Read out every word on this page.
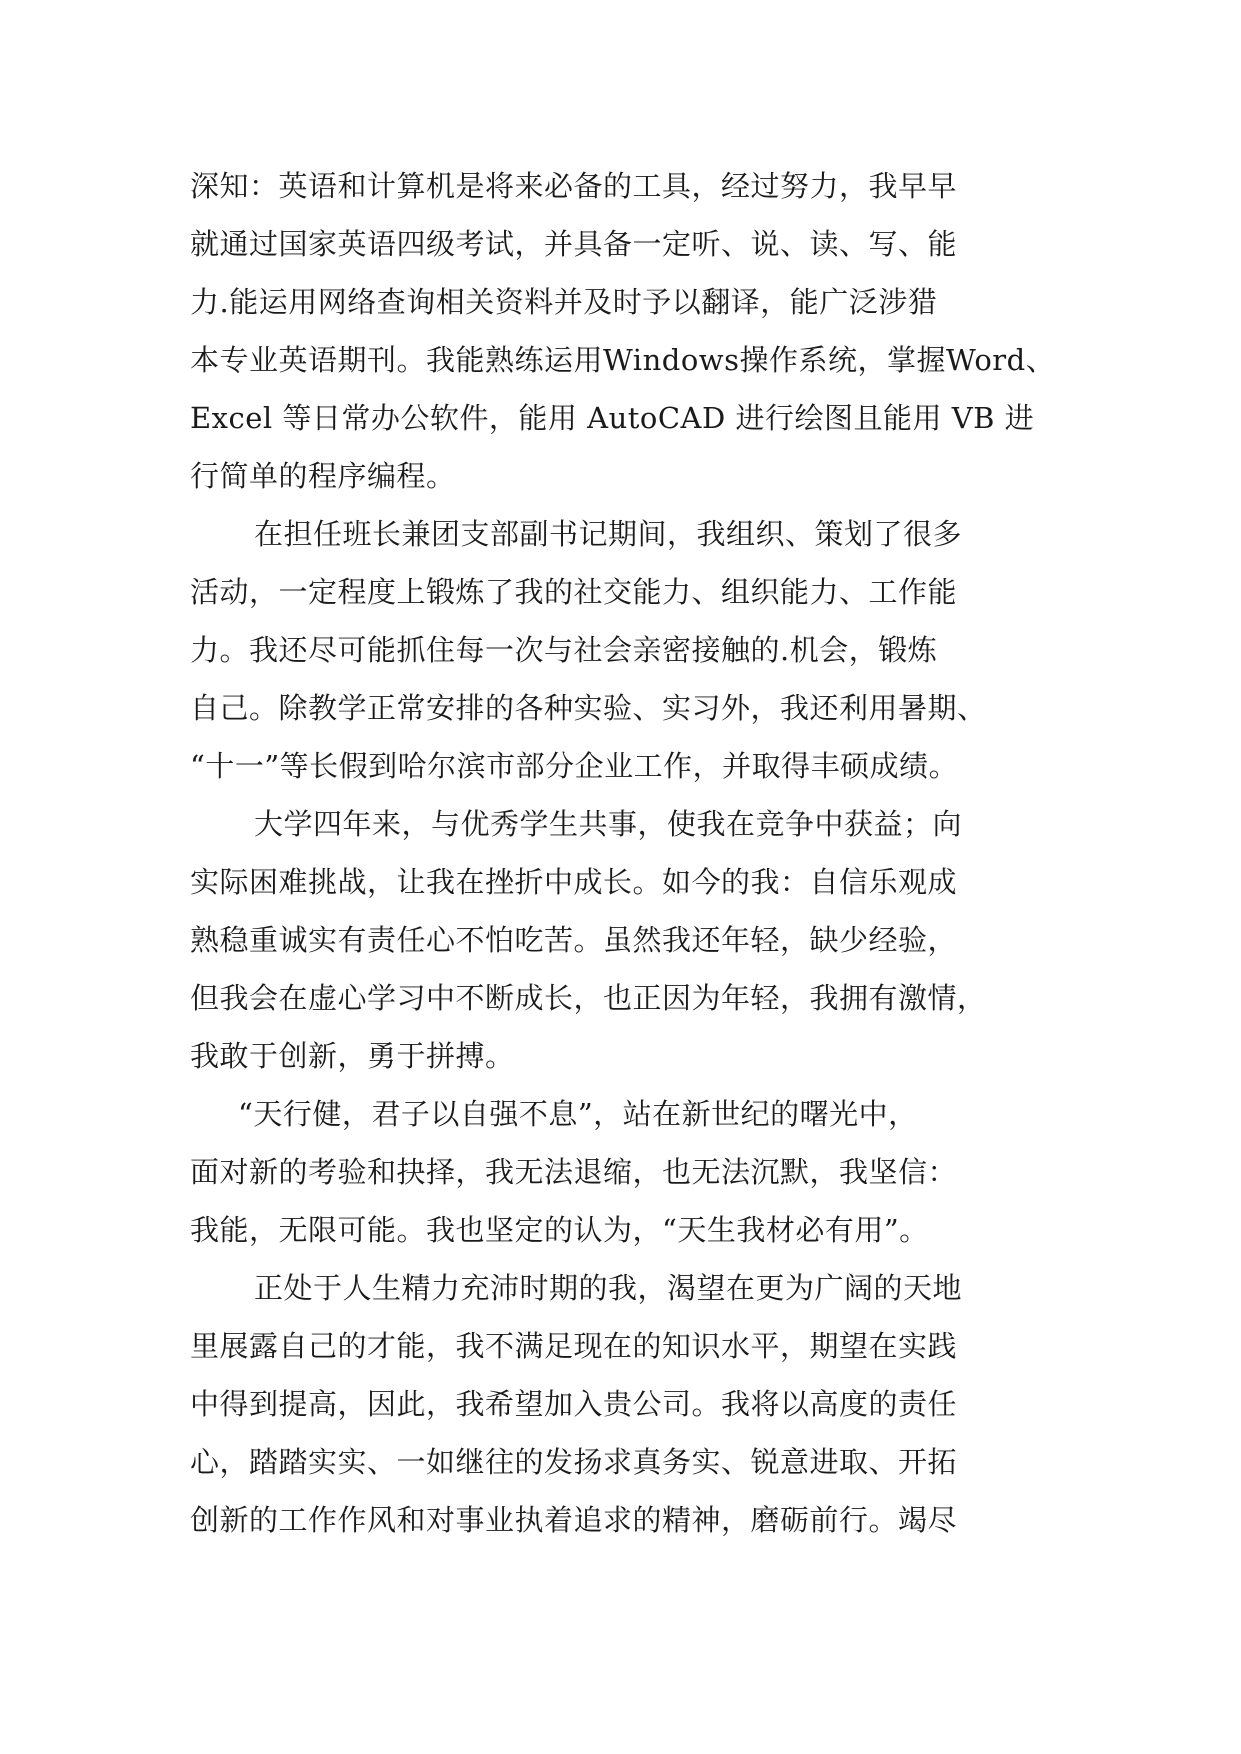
深知：英语和计算机是将来必备的工具，经过努力，我早早
就通过国家英语四级考试，并具备一定听、说、读、写、能
力.能运用网络查询相关资料并及时予以翻译，能广泛涉猎
本专业英语期刊。我能熟练运用Windows操作系统，掌握Word、
Excel 等日常办公软件，能用 AutoCAD 进行绘图且能用 VB 进
行简单的程序编程。
在担任班长兼团支部副书记期间，我组织、策划了很多
活动，一定程度上锻炼了我的社交能力、组织能力、工作能
力。我还尽可能抓住每一次与社会亲密接触的.机会，锻炼
自己。除教学正常安排的各种实验、实习外，我还利用暑期、
“十一”等长假到哈尔滨市部分企业工作，并取得丰硕成绩。
大学四年来，与优秀学生共事，使我在竞争中获益；向
实际困难挑战，让我在挫折中成长。如今的我：自信乐观成
熟稳重诚实有责任心不怕吃苦。虽然我还年轻，缺少经验，
但我会在虚心学习中不断成长，也正因为年轻，我拥有激情，
我敢于创新，勇于拼搏。
“天行健，君子以自强不息”，站在新世纪的曙光中，
面对新的考验和抉择，我无法退缩，也无法沉默，我坚信：
我能，无限可能。我也坚定的认为，“天生我材必有用”。
正处于人生精力充沛时期的我，渴望在更为广阔的天地
里展露自己的才能，我不满足现在的知识水平，期望在实践
中得到提高，因此，我希望加入贵公司。我将以高度的责任
心，踏踏实实、一如继往的发扬求真务实、锐意进取、开拓
创新的工作作风和对事业执着追求的精神，磨砺前行。竭尽
